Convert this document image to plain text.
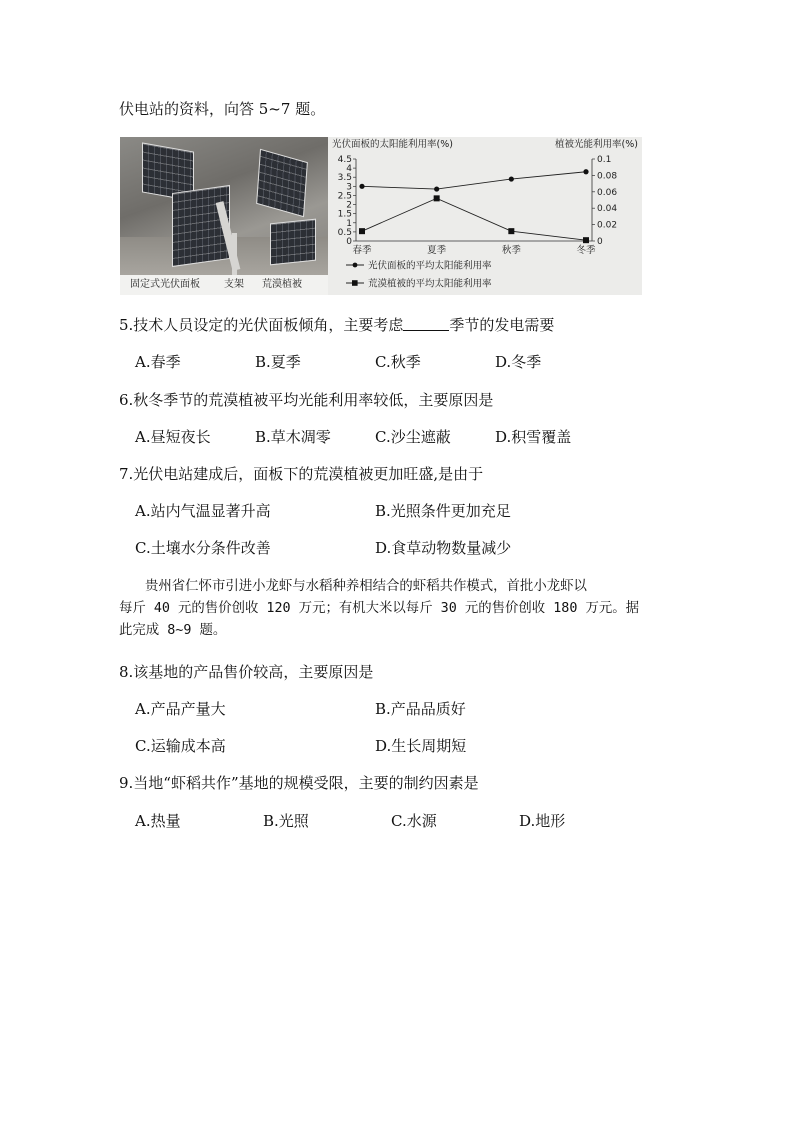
伏电站的资料，向答 5~7 题。
固定式光伏面板 支架 荒漠植被
光伏面板的太阳能利用率(%)	植被光能利用率(%)
0
0.5
1
1.5
2
2.5
3
3.5
4
4.5
0
0.02
0.04
0.06
0.08
0.1
春季	夏季	秋季	冬季
光伏面板的平均太阳能利用率
荒漠植被的平均太阳能利用率
5.技术人员设定的光伏面板倾角，主要考虑	季节的发电需要
A.春季	B.夏季	C.秋季	D.冬季
6.秋冬季节的荒漠植被平均光能利用率较低，主要原因是
A.昼短夜长	B.草木凋零	C.沙尘遮蔽	D.积雪覆盖
7.光伏电站建成后，面板下的荒漠植被更加旺盛,是由于
A.站内气温显著升高	B.光照条件更加充足
C.土壤水分条件改善	D.食草动物数量减少
贵州省仁怀市引进小龙虾与水稻种养相结合的虾稻共作模式，首批小龙虾以
每斤 40 元的售价创收 120 万元；有机大米以每斤 30 元的售价创收 180 万元。据
此完成 8~9 题。
8.该基地的产品售价较高，主要原因是
A.产品产量大	B.产品品质好
C.运输成本高	D.生长周期短
9.当地“虾稻共作”基地的规模受限，主要的制约因素是
A.热量	B.光照	C.水源	D.地形
